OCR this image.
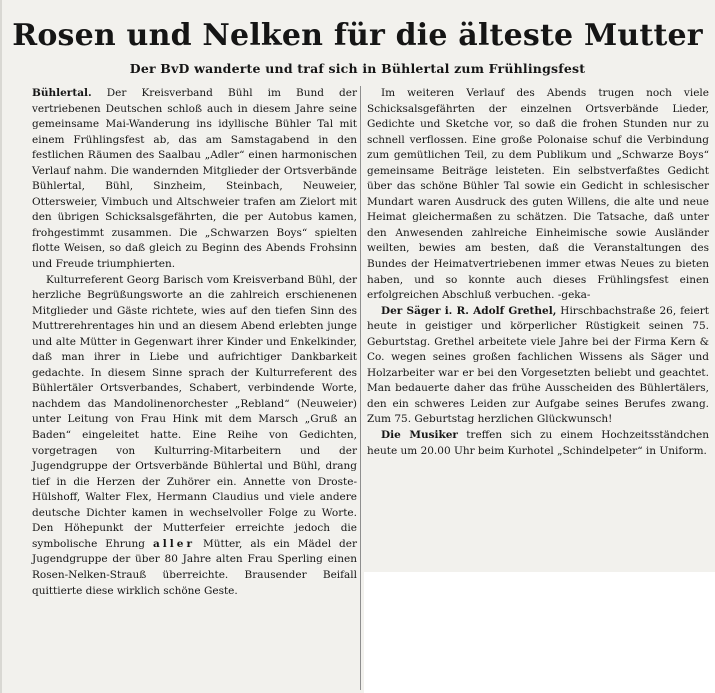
Rosen und Nelken für die älteste Mutter
Der BvD wanderte und traf sich in Bühlertal zum Frühlingsfest

Bühlertal. Der Kreisverband Bühl im Bund der vertriebenen Deutschen schloß auch in diesem Jahre seine gemeinsame Mai-Wanderung ins idyllische Bühler Tal mit einem Frühlingsfest ab, das am Samstagabend in den festlichen Räumen des Saalbau „Adler“ einen harmonischen Verlauf nahm. Die wandernden Mitglieder der Ortsverbände Bühlertal, Bühl, Sinzheim, Steinbach, Neuweier, Ottersweier, Vimbuch und Altschweier trafen am Zielort mit den übrigen Schicksalsgefährten, die per Autobus kamen, frohgestimmt zusammen. Die „Schwarzen Boys“ spielten flotte Weisen, so daß gleich zu Beginn des Abends Frohsinn und Freude triumphierten.

Kulturreferent Georg Barisch vom Kreisverband Bühl, der herzliche Begrüßungsworte an die zahlreich erschienenen Mitglieder und Gäste richtete, wies auf den tiefen Sinn des Muttrerehrentages hin und an diesem Abend erlebten junge und alte Mütter in Gegenwart ihrer Kinder und Enkelkinder, daß man ihrer in Liebe und aufrichtiger Dankbarkeit gedachte. In diesem Sinne sprach der Kulturreferent des Bühlertäler Ortsverbandes, Schabert, verbindende Worte, nachdem das Mandolinenorchester „Rebland“ (Neuweier) unter Leitung von Frau Hink mit dem Marsch „Gruß an Baden“ eingeleitet hatte. Eine Reihe von Gedichten, vorgetragen von Kulturring-Mitarbeitern und der Jugendgruppe der Ortsverbände Bühlertal und Bühl, drang tief in die Herzen der Zuhörer ein. Annette von Droste-Hülshoff, Walter Flex, Hermann Claudius und viele andere deutsche Dichter kamen in wechselvoller Folge zu Worte. Den Höhepunkt der Mutterfeier erreichte jedoch die symbolische Ehrung aller Mütter, als ein Mädel der Jugendgruppe der über 80 Jahre alten Frau Sperling einen Rosen-Nelken-Strauß überreichte. Brausender Beifall quittierte diese wirklich schöne Geste.

Im weiteren Verlauf des Abends trugen noch viele Schicksalsgefährten der einzelnen Ortsverbände Lieder, Gedichte und Sketche vor, so daß die frohen Stunden nur zu schnell verflossen. Eine große Polonaise schuf die Verbindung zum gemütlichen Teil, zu dem Publikum und „Schwarze Boys“ gemeinsame Beiträge leisteten. Ein selbstverfaßtes Gedicht über das schöne Bühler Tal sowie ein Gedicht in schlesischer Mundart waren Ausdruck des guten Willens, die alte und neue Heimat gleichermaßen zu schätzen. Die Tatsache, daß unter den Anwesenden zahlreiche Einheimische sowie Ausländer weilten, bewies am besten, daß die Veranstaltungen des Bundes der Heimatvertriebenen immer etwas Neues zu bieten haben, und so konnte auch dieses Frühlingsfest einen erfolgreichen Abschluß verbuchen. -geka-

Der Säger i. R. Adolf Grethel, Hirschbachstraße 26, feiert heute in geistiger und körperlicher Rüstigkeit seinen 75. Geburtstag. Grethel arbeitete viele Jahre bei der Firma Kern & Co. wegen seines großen fachlichen Wissens als Säger und Holzarbeiter war er bei den Vorgesetzten beliebt und geachtet. Man bedauerte daher das frühe Ausscheiden des Bühlertälers, den ein schweres Leiden zur Aufgabe seines Berufes zwang. Zum 75. Geburtstag herzlichen Glückwunsch!

Die Musiker treffen sich zu einem Hochzeitsständchen heute um 20.00 Uhr beim Kurhotel „Schindelpeter“ in Uniform.
